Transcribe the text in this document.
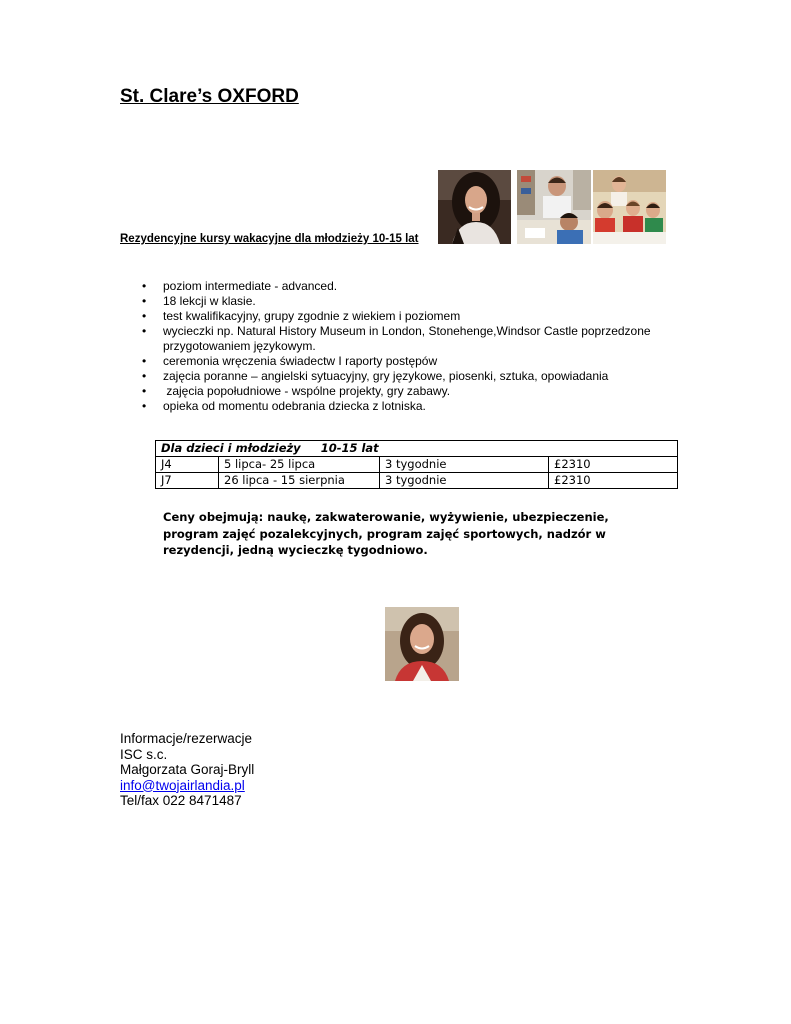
St. Clare’s OXFORD
Rezydencyjne kursy wakacyjne dla młodzieży 10-15 lat
• poziom intermediate - advanced.
• 18 lekcji w klasie.
• test kwalifikacyjny, grupy zgodnie z wiekiem i poziomem
• wycieczki np. Natural History Museum in London, Stonehenge,Windsor Castle poprzedzone przygotowaniem językowym.
• ceremonia wręczenia świadectw I raporty postępów
• zajęcia poranne – angielski sytuacyjny, gry językowe, piosenki, sztuka, opowiadania
• zajęcia popołudniowe - wspólne projekty, gry zabawy.
• opieka od momentu odebrania dziecka z lotniska.
Dla dzieci i młodzieży 10-15 lat			
J4	5 lipca- 25 lipca	3 tygodnie	£2310
J7	26 lipca - 15 sierpnia	3 tygodnie	£2310
Ceny obejmują: naukę, zakwaterowanie, wyżywienie, ubezpieczenie, program zajęć pozalekcyjnych, program zajęć sportowych, nadzór w rezydencji, jedną wycieczkę tygodniowo.
Informacje/rezerwacje
ISC s.c.
Małgorzata Goraj-Bryll
info@twojairlandia.pl
Tel/fax 022 8471487
